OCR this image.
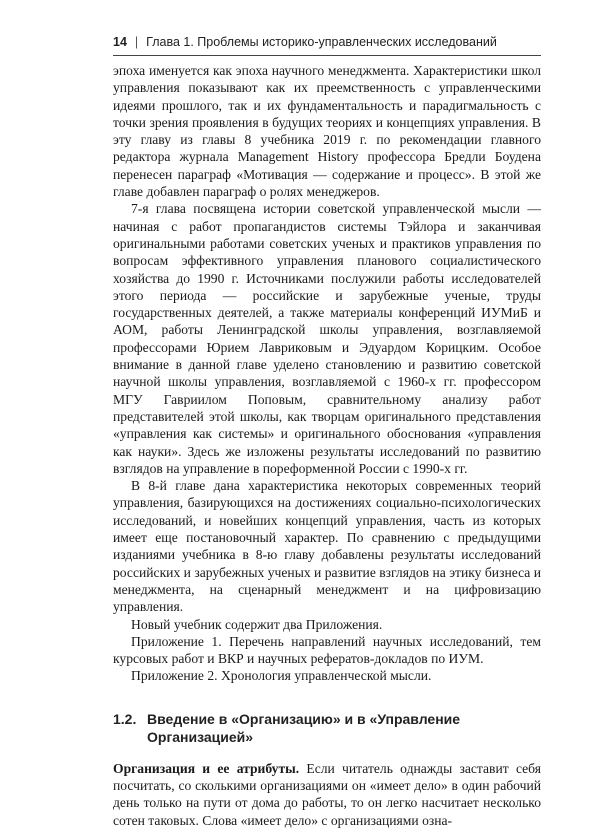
14 | Глава 1. Проблемы историко-управленческих исследований

эпоха именуется как эпоха научного менеджмента. Характеристики школ управления показывают как их преемственность с управленческими идеями прошлого, так и их фундаментальность и парадигмальность с точки зрения проявления в будущих теориях и концепциях управления. В эту главу из главы 8 учебника 2019 г. по рекомендации главного редактора журнала Management History профессора Бредли Боудена перенесен параграф «Мотивация — содержание и процесс». В этой же главе добавлен параграф о ролях менеджеров.

7-я глава посвящена истории советской управленческой мысли — начиная с работ пропагандистов системы Тэйлора и заканчивая оригинальными работами советских ученых и практиков управления по вопросам эффективного управления планового социалистического хозяйства до 1990 г. Источниками послужили работы исследователей этого периода — российские и зарубежные ученые, труды государственных деятелей, а также материалы конференций ИУМиБ и АОМ, работы Ленинградской школы управления, возглавляемой профессорами Юрием Лавриковым и Эдуардом Корицким. Особое внимание в данной главе уделено становлению и развитию советской научной школы управления, возглавляемой с 1960-х гг. профессором МГУ Гавриилом Поповым, сравнительному анализу работ представителей этой школы, как творцам оригинального представления «управления как системы» и оригинального обоснования «управления как науки». Здесь же изложены результаты исследований по развитию взглядов на управление в пореформенной России с 1990-х гг.

В 8-й главе дана характеристика некоторых современных теорий управления, базирующихся на достижениях социально-психологических исследований, и новейших концепций управления, часть из которых имеет еще постановочный характер. По сравнению с предыдущими изданиями учебника в 8-ю главу добавлены результаты исследований российских и зарубежных ученых и развитие взглядов на этику бизнеса и менеджмента, на сценарный менеджмент и на цифровизацию управления.

Новый учебник содержит два Приложения.

Приложение 1. Перечень направлений научных исследований, тем курсовых работ и ВКР и научных рефератов-докладов по ИУМ.

Приложение 2. Хронология управленческой мысли.

1.2. Введение в «Организацию» и в «Управление Организацией»

Организация и ее атрибуты. Если читатель однажды заставит себя посчитать, со сколькими организациями он «имеет дело» в один рабочий день только на пути от дома до работы, то он легко насчитает несколько сотен таковых. Слова «имеет дело» с организациями озна-
